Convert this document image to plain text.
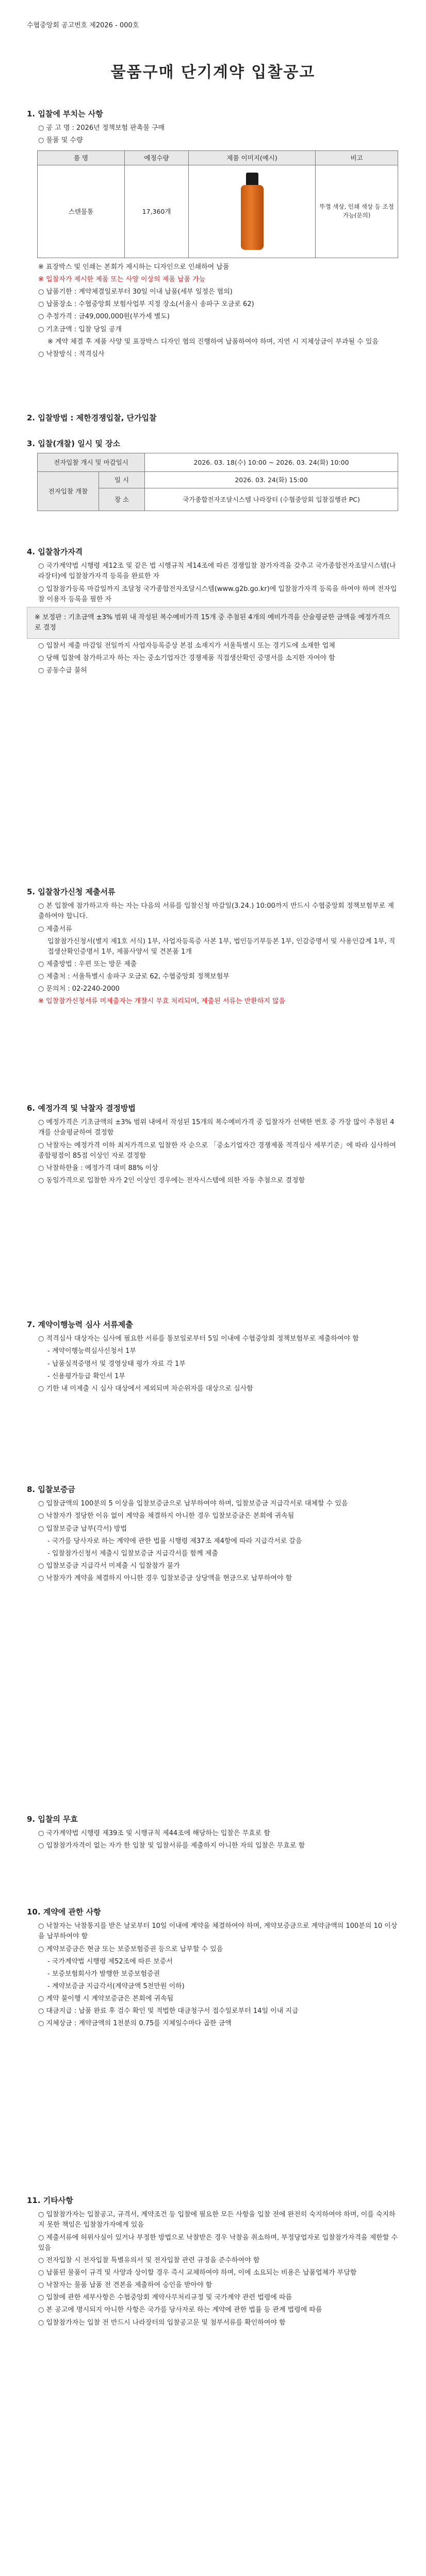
수협중앙회 공고번호 제2026 - 000호
물품구매 단기계약 입찰공고
1. 입찰에 부치는 사항
○ 공 고 명 : 2026년 정책보험 판촉물 구매
○ 물품 및 수량
품 명	예정수량	제품 이미지(예시)	비고
스텐물통	17,360개		뚜껑 색상, 인쇄 색상 등 조정 가능(문의)
※ 표장박스 및 인쇄는 본회가 제시하는 디자인으로 인쇄하여 납품
※ 입찰자가 제시한 제품 또는 사양 이상의 제품 납품 가능
○ 납품기한 : 계약체결일로부터 30일 이내 납품(세부 일정은 협의)
○ 납품장소 : 수협중앙회 보험사업부 지정 장소(서울시 송파구 오금로 62)
○ 추정가격 : 금49,000,000원(부가세 별도)
○ 기초금액 : 입찰 당일 공개
※ 계약 체결 후 제품 사양 및 표장박스 디자인 협의 진행하여 납품하여야 하며, 지연 시 지체상금이 부과될 수 있음
○ 낙찰방식 : 적격심사
2. 입찰방법 : 제한경쟁입찰, 단가입찰
3. 입찰(개찰) 일시 및 장소
전자입찰 개시 및 마감일시		2026. 03. 18(수) 10:00 ~ 2026. 03. 24(화) 10:00
전자입찰 개찰	일 시	2026. 03. 24(화) 15:00
	장 소	국가종합전자조달시스템 나라장터 (수협중앙회 입찰집행관 PC)
4. 입찰참가자격
○ 국가계약법 시행령 제12조 및 같은 법 시행규칙 제14조에 따른 경쟁입찰 참가자격을 갖추고 국가종합전자조달시스템(나라장터)에 입찰참가자격 등록을 완료한 자
○ 입찰참가등록 마감일까지 조달청 국가종합전자조달시스템(www.g2b.go.kr)에 입찰참가자격 등록을 하여야 하며 전자입찰 이용자 등록을 필한 자
※ 보정판 : 기초금액 ±3% 범위 내 작성된 복수예비가격 15개 중 추첨된 4개의 예비가격을 산술평균한 금액을 예정가격으로 결정
○ 입찰서 제출 마감일 전일까지 사업자등록증상 본점 소재지가 서울특별시 또는 경기도에 소재한 업체
○ 당해 입찰에 참가하고자 하는 자는 중소기업자간 경쟁제품 직접생산확인 증명서를 소지한 자여야 함
○ 공동수급 불허
5. 입찰참가신청 제출서류
○ 본 입찰에 참가하고자 하는 자는 다음의 서류를 입찰신청 마감일(3.24.) 10:00까지 반드시 수협중앙회 정책보험부로 제출하여야 합니다.
○ 제출서류
입찰참가신청서(별지 제1호 서식) 1부, 사업자등록증 사본 1부, 법인등기부등본 1부, 인감증명서 및 사용인감계 1부, 직접생산확인증명서 1부, 제품사양서 및 견본품 1개
○ 제출방법 : 우편 또는 방문 제출
○ 제출처 : 서울특별시 송파구 오금로 62, 수협중앙회 정책보험부
○ 문의처 : 02-2240-2000
※ 입찰참가신청서류 미제출자는 개찰시 무효 처리되며, 제출된 서류는 반환하지 않음
6. 예정가격 및 낙찰자 결정방법
○ 예정가격은 기초금액의 ±3% 범위 내에서 작성된 15개의 복수예비가격 중 입찰자가 선택한 번호 중 가장 많이 추첨된 4개를 산술평균하여 결정함
○ 낙찰자는 예정가격 이하 최저가격으로 입찰한 자 순으로 「중소기업자간 경쟁제품 적격심사 세부기준」에 따라 심사하여 종합평점이 85점 이상인 자로 결정함
○ 낙찰하한율 : 예정가격 대비 88% 이상
○ 동일가격으로 입찰한 자가 2인 이상인 경우에는 전자시스템에 의한 자동 추첨으로 결정함
7. 계약이행능력 심사 서류제출
○ 적격심사 대상자는 심사에 필요한 서류를 통보일로부터 5일 이내에 수협중앙회 정책보험부로 제출하여야 함
- 계약이행능력심사신청서 1부
- 납품실적증명서 및 경영상태 평가 자료 각 1부
- 신용평가등급 확인서 1부
○ 기한 내 미제출 시 심사 대상에서 제외되며 차순위자를 대상으로 심사함
8. 입찰보증금
○ 입찰금액의 100분의 5 이상을 입찰보증금으로 납부하여야 하며, 입찰보증금 지급각서로 대체할 수 있음
○ 낙찰자가 정당한 이유 없이 계약을 체결하지 아니한 경우 입찰보증금은 본회에 귀속됨
○ 입찰보증금 납부(각서) 방법
- 국가를 당사자로 하는 계약에 관한 법률 시행령 제37조 제4항에 따라 지급각서로 갈음
- 입찰참가신청서 제출시 입찰보증금 지급각서를 함께 제출
○ 입찰보증금 지급각서 미제출 시 입찰참가 불가
○ 낙찰자가 계약을 체결하지 아니한 경우 입찰보증금 상당액을 현금으로 납부하여야 함
9. 입찰의 무효
○ 국가계약법 시행령 제39조 및 시행규칙 제44조에 해당하는 입찰은 무효로 함
○ 입찰참가자격이 없는 자가 한 입찰 및 입찰서류를 제출하지 아니한 자의 입찰은 무효로 함
10. 계약에 관한 사항
○ 낙찰자는 낙찰통지를 받은 날로부터 10일 이내에 계약을 체결하여야 하며, 계약보증금으로 계약금액의 100분의 10 이상을 납부하여야 함
○ 계약보증금은 현금 또는 보증보험증권 등으로 납부할 수 있음
- 국가계약법 시행령 제52조에 따른 보증서
- 보증보험회사가 발행한 보증보험증권
- 계약보증금 지급각서(계약금액 5천만원 이하)
○ 계약 불이행 시 계약보증금은 본회에 귀속됨
○ 대금지급 : 납품 완료 후 검수 확인 및 적법한 대금청구서 접수일로부터 14일 이내 지급
○ 지체상금 : 계약금액의 1천분의 0.75를 지체일수마다 곱한 금액
11. 기타사항
○ 입찰참가자는 입찰공고, 규격서, 계약조건 등 입찰에 필요한 모든 사항을 입찰 전에 완전히 숙지하여야 하며, 이를 숙지하지 못한 책임은 입찰참가자에게 있음
○ 제출서류에 허위사실이 있거나 부정한 방법으로 낙찰받은 경우 낙찰을 취소하며, 부정당업자로 입찰참가자격을 제한할 수 있음
○ 전자입찰 시 전자입찰 특별유의서 및 전자입찰 관련 규정을 준수하여야 함
○ 납품된 물품이 규격 및 사양과 상이할 경우 즉시 교체하여야 하며, 이에 소요되는 비용은 납품업체가 부담함
○ 낙찰자는 물품 납품 전 견본을 제출하여 승인을 받아야 함
○ 입찰에 관한 세부사항은 수협중앙회 계약사무처리규정 및 국가계약 관련 법령에 따름
○ 본 공고에 명시되지 아니한 사항은 국가를 당사자로 하는 계약에 관한 법률 등 관계 법령에 따름
○ 입찰참가자는 입찰 전 반드시 나라장터의 입찰공고문 및 첨부서류를 확인하여야 함
